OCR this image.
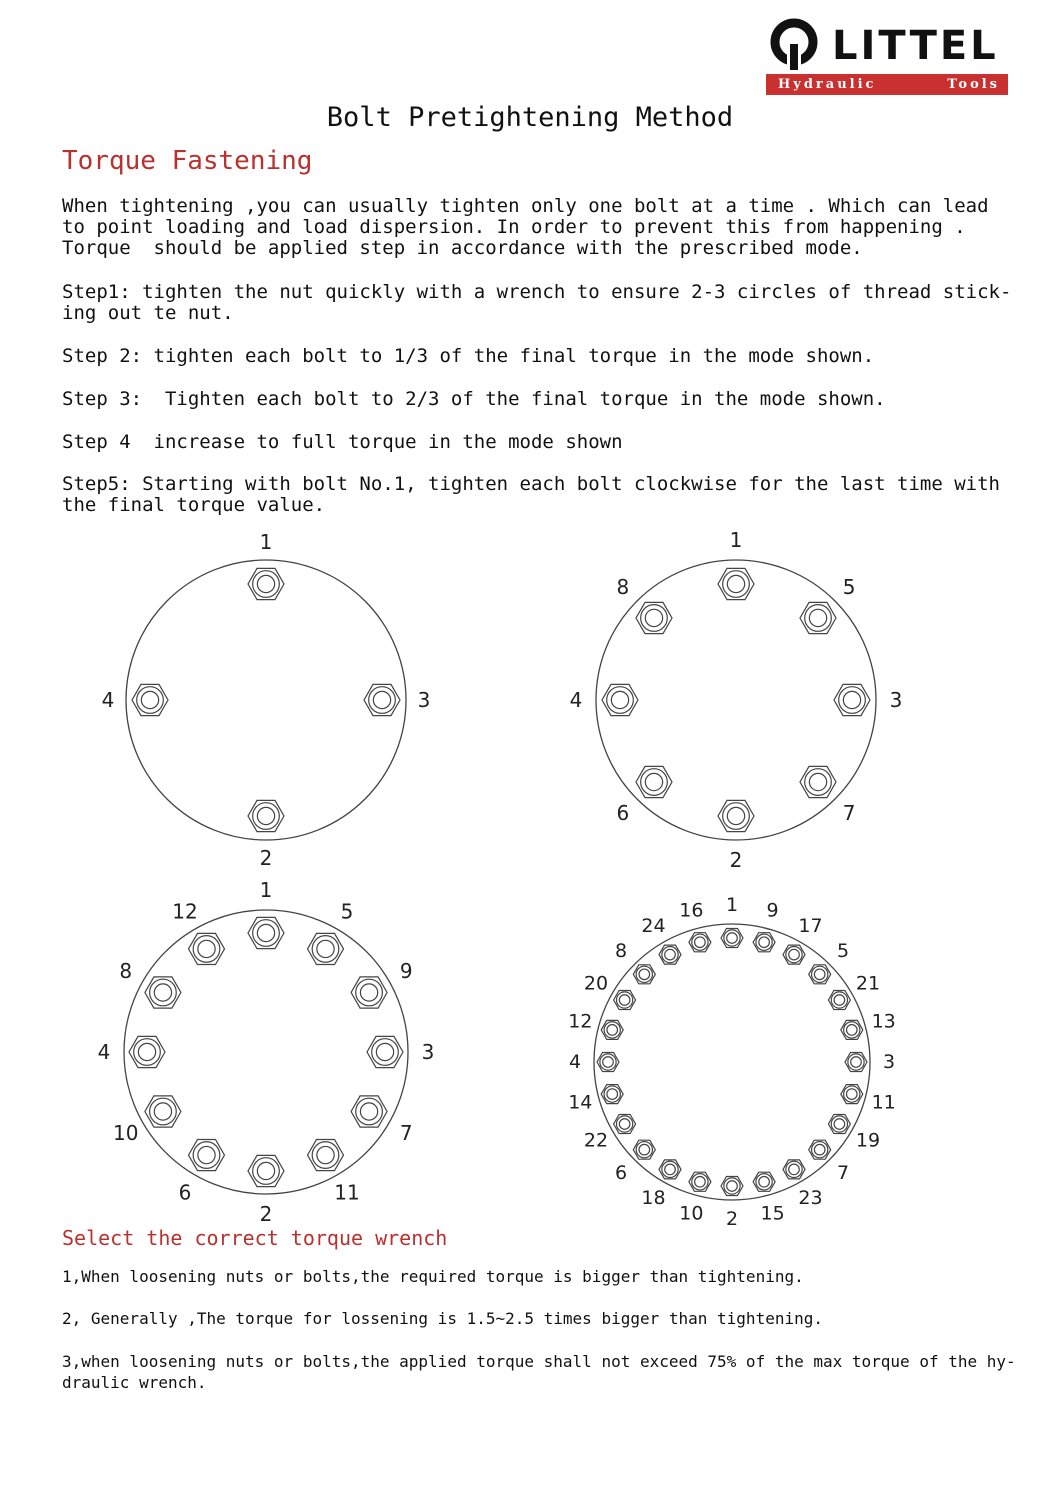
LITTEL
Hydraulic	Tools
Bolt Pretightening Method
Torque Fastening

When tightening ,you can usually tighten only one bolt at a time . Which can lead
to point loading and load dispersion. In order to prevent this from happening .
Torque  should be applied step in accordance with the prescribed mode.

Step1: tighten the nut quickly with a wrench to ensure 2-3 circles of thread stick-
ing out te nut.

Step 2: tighten each bolt to 1/3 of the final torque in the mode shown.

Step 3:  Tighten each bolt to 2/3 of the final torque in the mode shown.

Step 4  increase to full torque in the mode shown

Step5: Starting with bolt No.1, tighten each bolt clockwise for the last time with
the final torque value.

1
3
2
4
1
5
3
7
2
6
4
8
1
5
9
3
7
11
2
6
10
4
8
12	1 9
17
5
21
13
3
11
19
7
23
15
2
10
18
6
22
14
4
12
20
8
24
16
Select the correct torque wrench

1,When loosening nuts or bolts,the required torque is bigger than tightening.

2, Generally ,The torque for lossening is 1.5~2.5 times bigger than tightening.

3,when loosening nuts or bolts,the applied torque shall not exceed 75% of the max torque of the hy-
draulic wrench.
